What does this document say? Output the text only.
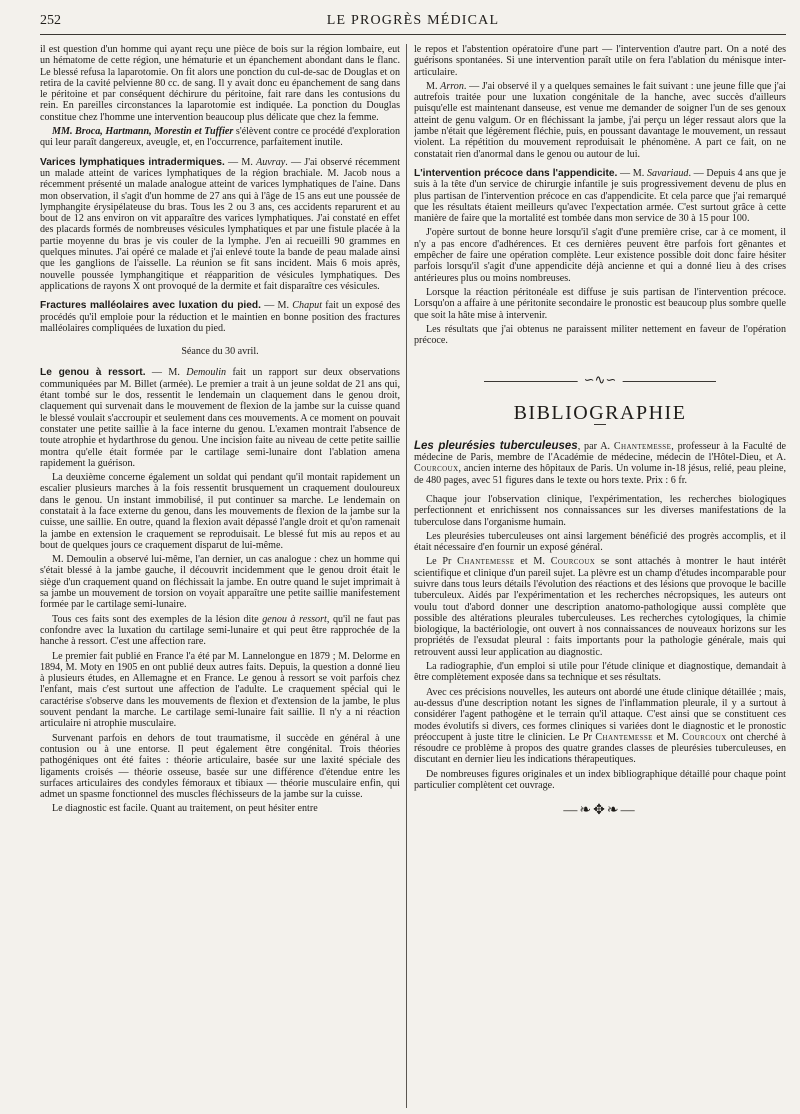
252	LE PROGRÈS MÉDICAL

il est question d'un homme qui ayant reçu une pièce de bois sur la région lombaire, eut un hématome de cette région, une hématurie et un épanchement abondant dans le flanc. Le blessé refusa la laparotomie. On fit alors une ponction du cul-de-sac de Douglas et on retira de la cavité pelvienne 80 cc. de sang. Il y avait donc eu épanchement de sang dans le péritoine et par conséquent déchirure du péritoine, fait rare dans les contusions du rein. En pareilles circonstances la laparotomie est indiquée. La ponction du Douglas constitue chez l'homme une intervention beaucoup plus délicate que chez la femme.

MM. Broca, Hartmann, Morestin et Tuffier s'élèvent contre ce procédé d'exploration qui leur paraît dangereux, aveugle, et, en l'occurrence, parfaitement inutile.

Varices lymphatiques intradermiques. — M. Auvray. — J'ai observé récemment un malade atteint de varices lymphatiques de la région brachiale. M. Jacob nous a récemment présenté un malade analogue atteint de varices lymphatiques de l'aine. Dans mon observation, il s'agit d'un homme de 27 ans qui à l'âge de 15 ans eut une poussée de lymphangite érysipélateuse du bras. Tous les 2 ou 3 ans, ces accidents reparurent et au bout de 12 ans environ on vit apparaître des varices lymphatiques. J'ai constaté en effet des placards formés de nombreuses vésicules lymphatiques et par une fistule placée à la partie moyenne du bras je vis couler de la lymphe. J'en ai recueilli 90 grammes en quelques minutes. J'ai opéré ce malade et j'ai enlevé toute la bande de peau malade ainsi que les ganglions de l'aisselle. La réunion se fit sans incident. Mais 6 mois après, nouvelle poussée lymphangitique et réapparition de vésicules lymphatiques. Des applications de rayons X ont provoqué de la dermite et fait disparaître ces vésicules.

Fractures malléolaires avec luxation du pied. — M. Chaput fait un exposé des procédés qu'il emploie pour la réduction et le maintien en bonne position des fractures malléolaires compliquées de luxation du pied.

Séance du 30 avril.

Le genou à ressort. — M. Demoulin fait un rapport sur deux observations communiquées par M. Billet (armée). Le premier a trait à un jeune soldat de 21 ans qui, étant tombé sur le dos, ressentit le lendemain un claquement dans le genou droit, claquement qui survenait dans le mouvement de flexion de la jambe sur la cuisse quand le blessé voulait s'accroupir et seulement dans ces mouvements. A ce moment on pouvait constater une petite saillie à la face interne du genou. L'examen montrait l'absence de toute atrophie et hydarthrose du genou. Une incision faite au niveau de cette petite saillie montra qu'elle était formée par le cartilage semi-lunaire dont l'ablation amena rapidement la guérison.

La deuxième concerne également un soldat qui pendant qu'il montait rapidement un escalier plusieurs marches à la fois ressentit brusquement un craquement douloureux dans le genou. Un instant immobilisé, il put continuer sa marche. Le lendemain on constatait à la face externe du genou, dans les mouvements de flexion de la jambe sur la cuisse, une saillie. En outre, quand la flexion avait dépassé l'angle droit et qu'on ramenait la jambe en extension le craquement se reproduisait. Le blessé fut mis au repos et au bout de quelques jours ce craquement disparut de lui-même.

M. Demoulin a observé lui-même, l'an dernier, un cas analogue : chez un homme qui s'était blessé à la jambe gauche, il découvrit incidemment que le genou droit était le siège d'un craquement quand on fléchissait la jambe. En outre quand le sujet imprimait à sa jambe un mouvement de torsion on voyait apparaître une petite saillie manifestement formée par le cartilage semi-lunaire.

Tous ces faits sont des exemples de la lésion dite genou à ressort, qu'il ne faut pas confondre avec la luxation du cartilage semi-lunaire et qui peut être rapprochée de la hanche à ressort. C'est une affection rare.

Le premier fait publié en France l'a été par M. Lannelongue en 1879 ; M. Delorme en 1894, M. Moty en 1905 en ont publié deux autres faits. Depuis, la question a donné lieu à plusieurs études, en Allemagne et en France. Le genou à ressort se voit parfois chez l'enfant, mais c'est surtout une affection de l'adulte. Le craquement spécial qui le caractérise s'observe dans les mouvements de flexion et d'extension de la jambe, le plus souvent pendant la marche. Le cartilage semi-lunaire fait saillie. Il n'y a ni réaction articulaire ni atrophie musculaire.

Survenant parfois en dehors de tout traumatisme, il succède en général à une contusion ou à une entorse. Il peut également être congénital. Trois théories pathogéniques ont été faites : théorie articulaire, basée sur une laxité spéciale des ligaments croisés — théorie osseuse, basée sur une différence d'étendue entre les surfaces articulaires des condyles fémoraux et tibiaux — théorie musculaire enfin, qui admet un spasme fonctionnel des muscles fléchisseurs de la jambe sur la cuisse.

Le diagnostic est facile. Quant au traitement, on peut hésiter entre

le repos et l'abstention opératoire d'une part — l'intervention d'autre part. On a noté des guérisons spontanées. Si une intervention paraît utile on fera l'ablation du ménisque inter-articulaire.

M. Arron. — J'ai observé il y a quelques semaines le fait suivant : une jeune fille que j'ai autrefois traitée pour une luxation congénitale de la hanche, avec succès d'ailleurs puisqu'elle est maintenant danseuse, est venue me demander de soigner l'un de ses genoux atteint de genu valgum. Or en fléchissant la jambe, j'ai perçu un léger ressaut alors que la jambe n'était que légèrement fléchie, puis, en poussant davantage le mouvement, un ressaut violent. La répétition du mouvement reproduisait le phénomène. A part ce fait, on ne constatait rien d'anormal dans le genou ou autour de lui.

L'intervention précoce dans l'appendicite. — M. Savariaud. — Depuis 4 ans que je suis à la tête d'un service de chirurgie infantile je suis progressivement devenu de plus en plus partisan de l'intervention précoce en cas d'appendicite. Et cela parce que j'ai remarqué que les résultats étaient meilleurs qu'avec l'expectation armée. C'est surtout grâce à cette manière de faire que la mortalité est tombée dans mon service de 30 à 15 pour 100.

J'opère surtout de bonne heure lorsqu'il s'agit d'une première crise, car à ce moment, il n'y a pas encore d'adhérences. Et ces dernières peuvent être parfois fort gênantes et empêcher de faire une opération complète. Leur existence possible doit donc faire hésiter parfois lorsqu'il s'agit d'une appendicite déjà ancienne et qui a donné lieu à des crises antérieures plus ou moins nombreuses.

Lorsque la réaction péritonéale est diffuse je suis partisan de l'intervention précoce. Lorsqu'on a affaire à une péritonite secondaire le pronostic est beaucoup plus sombre quelle que soit la hâte mise à intervenir.

Les résultats que j'ai obtenus ne paraissent militer nettement en faveur de l'opération précoce.

∽∿∽
BIBLIOGRAPHIE

Les pleurésies tuberculeuses, par A. Chantemesse, professeur à la Faculté de médecine de Paris, membre de l'Académie de médecine, médecin de l'Hôtel-Dieu, et A. Courcoux, ancien interne des hôpitaux de Paris. Un volume in-18 jésus, relié, peau pleine, de 480 pages, avec 51 figures dans le texte ou hors texte. Prix : 6 fr.

Chaque jour l'observation clinique, l'expérimentation, les recherches biologiques perfectionnent et enrichissent nos connaissances sur les diverses manifestations de la tuberculose dans l'organisme humain.

Les pleurésies tuberculeuses ont ainsi largement bénéficié des progrès accomplis, et il était nécessaire d'en fournir un exposé général.

Le Pr Chantemesse et M. Courcoux se sont attachés à montrer le haut intérêt scientifique et clinique d'un pareil sujet. La plèvre est un champ d'études incomparable pour suivre dans tous leurs détails l'évolution des réactions et des lésions que provoque le bacille tuberculeux. Aidés par l'expérimentation et les recherches nécropsiques, les auteurs ont voulu tout d'abord donner une description anatomo-pathologique aussi complète que possible des altérations pleurales tuberculeuses. Les recherches cytologiques, la chimie biologique, la bactériologie, ont ouvert à nos connaissances de nouveaux horizons sur les propriétés de l'exsudat pleural : faits importants pour la pathologie générale, mais qui retrouvent aussi leur application au diagnostic.

La radiographie, d'un emploi si utile pour l'étude clinique et diagnostique, demandait à être complètement exposée dans sa technique et ses résultats.

Avec ces précisions nouvelles, les auteurs ont abordé une étude clinique détaillée ; mais, au-dessus d'une description notant les signes de l'inflammation pleurale, il y a surtout à considérer l'agent pathogène et le terrain qu'il attaque. C'est ainsi que se constituent ces modes évolutifs si divers, ces formes cliniques si variées dont le diagnostic et le pronostic préoccupent à juste titre le clinicien. Le Pr Chantemesse et M. Courcoux ont cherché à résoudre ce problème à propos des quatre grandes classes de pleurésies tuberculeuses, en discutant en dernier lieu les indications thérapeutiques.

De nombreuses figures originales et un index bibliographique détaillé pour chaque point particulier complètent cet ouvrage.

—❧✥❧—
